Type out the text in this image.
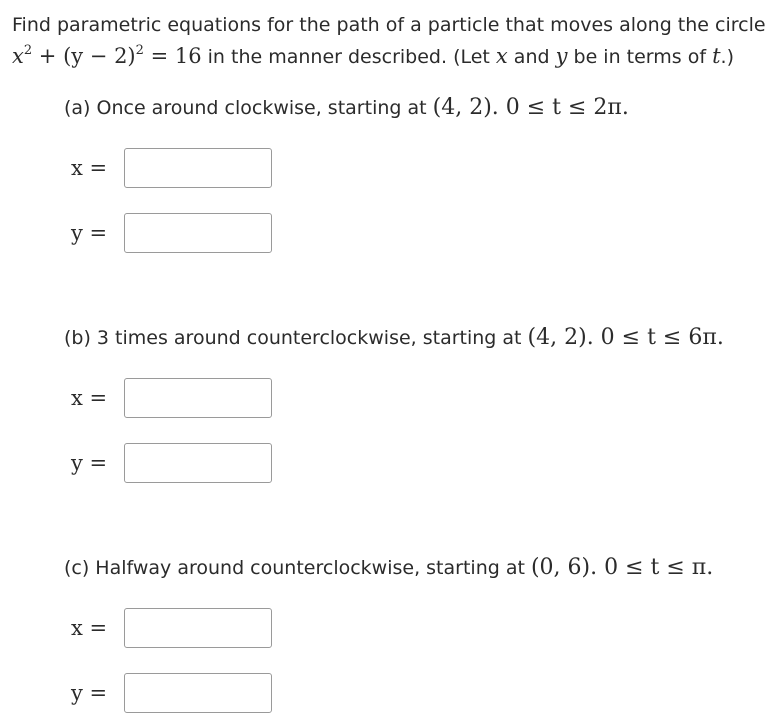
Find parametric equations for the path of a particle that moves along the circle
$x^2 + (y - 2)^2 = 16$ in the manner described. (Let x and y be in terms of t.)
(a) Once around clockwise, starting at (4, 2). 0 ≤ t ≤ 2π.
x =
y =
(b) 3 times around counterclockwise, starting at (4, 2). 0 ≤ t ≤ 6π.
x =
y =
(c) Halfway around counterclockwise, starting at (0, 6). 0 ≤ t ≤ π.
x =
y =
